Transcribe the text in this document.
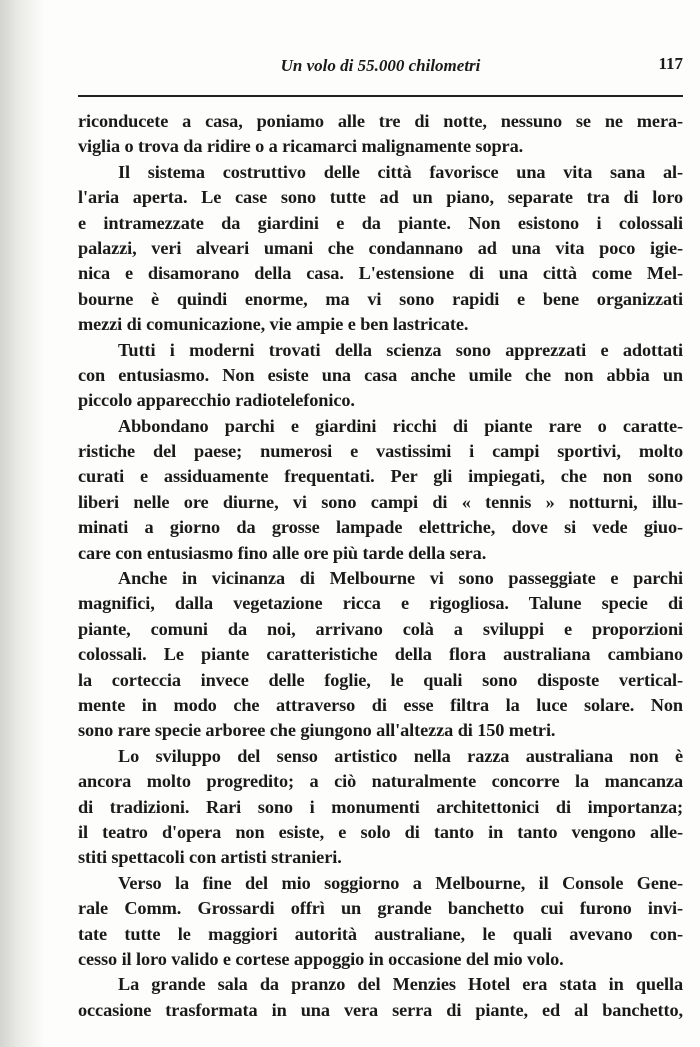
Un volo di 55.000 chilometri	117
riconducete a casa, poniamo alle tre di notte, nessuno se ne mera-
viglia o trova da ridire o a ricamarci malignamente sopra.
Il sistema costruttivo delle città favorisce una vita sana al-
l'aria aperta. Le case sono tutte ad un piano, separate tra di loro
e intramezzate da giardini e da piante. Non esistono i colossali
palazzi, veri alveari umani che condannano ad una vita poco igie-
nica e disamorano della casa. L'estensione di una città come Mel-
bourne è quindi enorme, ma vi sono rapidi e bene organizzati
mezzi di comunicazione, vie ampie e ben lastricate.
Tutti i moderni trovati della scienza sono apprezzati e adottati
con entusiasmo. Non esiste una casa anche umile che non abbia un
piccolo apparecchio radiotelefonico.
Abbondano parchi e giardini ricchi di piante rare o caratte-
ristiche del paese; numerosi e vastissimi i campi sportivi, molto
curati e assiduamente frequentati. Per gli impiegati, che non sono
liberi nelle ore diurne, vi sono campi di « tennis » notturni, illu-
minati a giorno da grosse lampade elettriche, dove si vede giuo-
care con entusiasmo fino alle ore più tarde della sera.
Anche in vicinanza di Melbourne vi sono passeggiate e parchi
magnifici, dalla vegetazione ricca e rigogliosa. Talune specie di
piante, comuni da noi, arrivano colà a sviluppi e proporzioni
colossali. Le piante caratteristiche della flora australiana cambiano
la corteccia invece delle foglie, le quali sono disposte vertical-
mente in modo che attraverso di esse filtra la luce solare. Non
sono rare specie arboree che giungono all'altezza di 150 metri.
Lo sviluppo del senso artistico nella razza australiana non è
ancora molto progredito; a ciò naturalmente concorre la mancanza
di tradizioni. Rari sono i monumenti architettonici di importanza;
il teatro d'opera non esiste, e solo di tanto in tanto vengono alle-
stiti spettacoli con artisti stranieri.
Verso la fine del mio soggiorno a Melbourne, il Console Gene-
rale Comm. Grossardi offrì un grande banchetto cui furono invi-
tate tutte le maggiori autorità australiane, le quali avevano con-
cesso il loro valido e cortese appoggio in occasione del mio volo.
La grande sala da pranzo del Menzies Hotel era stata in quella
occasione trasformata in una vera serra di piante, ed al banchetto,
